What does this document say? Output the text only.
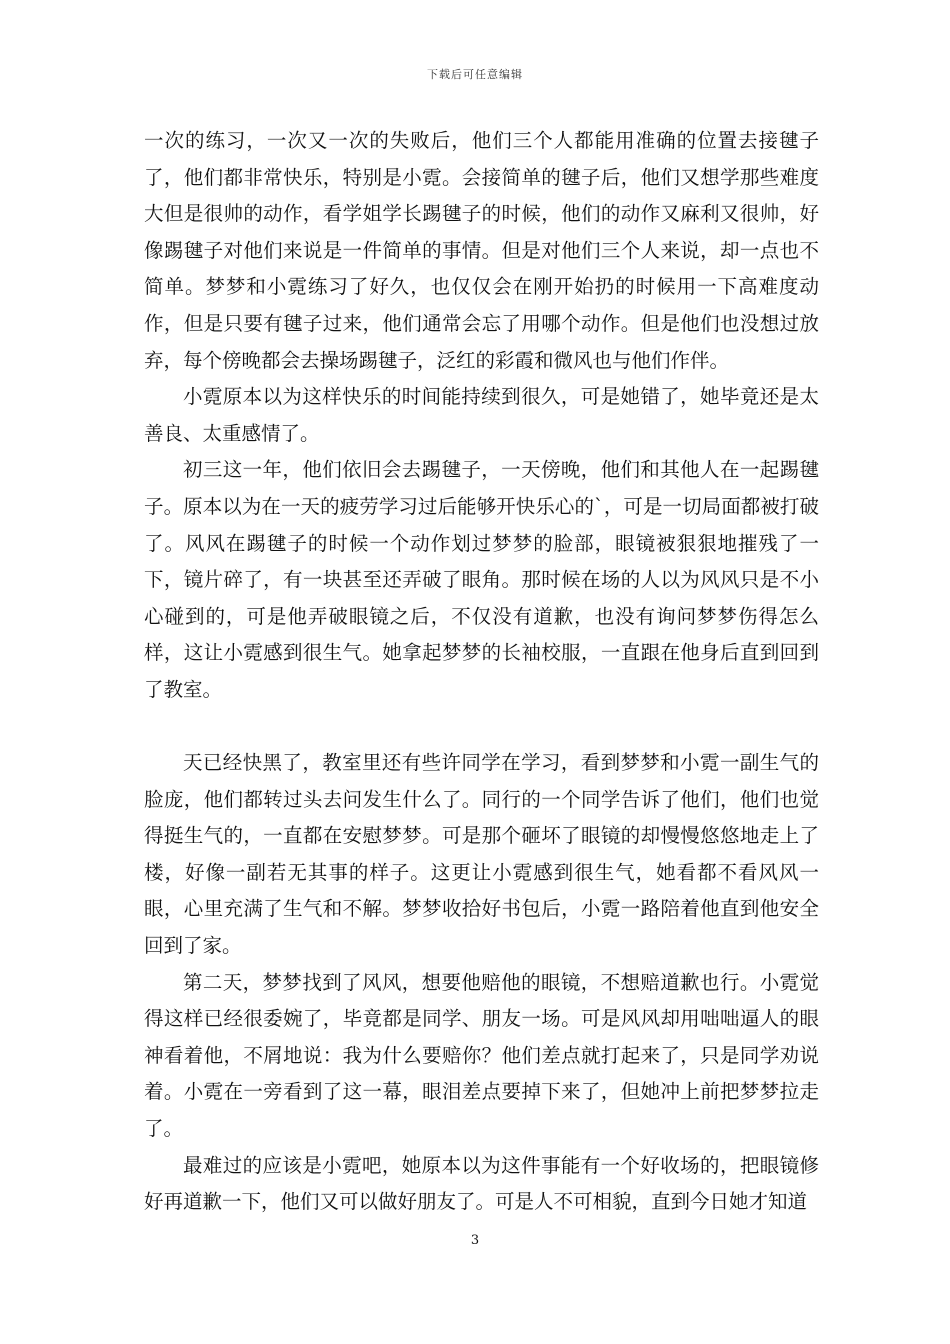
下载后可任意编辑

一次的练习，一次又一次的失败后，他们三个人都能用准确的位置去接毽子了，他们都非常快乐，特别是小霓。会接简单的毽子后，他们又想学那些难度大但是很帅的动作，看学姐学长踢毽子的时候，他们的动作又麻利又很帅，好像踢毽子对他们来说是一件简单的事情。但是对他们三个人来说，却一点也不简单。梦梦和小霓练习了好久，也仅仅会在刚开始扔的时候用一下高难度动作，但是只要有毽子过来，他们通常会忘了用哪个动作。但是他们也没想过放弃，每个傍晚都会去操场踢毽子，泛红的彩霞和微风也与他们作伴。

小霓原本以为这样快乐的时间能持续到很久，可是她错了，她毕竟还是太善良、太重感情了。

初三这一年，他们依旧会去踢毽子，一天傍晚，他们和其他人在一起踢毽子。原本以为在一天的疲劳学习过后能够开快乐心的`，可是一切局面都被打破了。风风在踢毽子的时候一个动作划过梦梦的脸部，眼镜被狠狠地摧残了一下，镜片碎了，有一块甚至还弄破了眼角。那时候在场的人以为风风只是不小心碰到的，可是他弄破眼镜之后，不仅没有道歉，也没有询问梦梦伤得怎么样，这让小霓感到很生气。她拿起梦梦的长袖校服，一直跟在他身后直到回到了教室。

天已经快黑了，教室里还有些许同学在学习，看到梦梦和小霓一副生气的脸庞，他们都转过头去问发生什么了。同行的一个同学告诉了他们，他们也觉得挺生气的，一直都在安慰梦梦。可是那个砸坏了眼镜的却慢慢悠悠地走上了楼，好像一副若无其事的样子。这更让小霓感到很生气，她看都不看风风一眼，心里充满了生气和不解。梦梦收拾好书包后，小霓一路陪着他直到他安全回到了家。

第二天，梦梦找到了风风，想要他赔他的眼镜，不想赔道歉也行。小霓觉得这样已经很委婉了，毕竟都是同学、朋友一场。可是风风却用咄咄逼人的眼神看着他，不屑地说：我为什么要赔你？他们差点就打起来了，只是同学劝说着。小霓在一旁看到了这一幕，眼泪差点要掉下来了，但她冲上前把梦梦拉走了。

最难过的应该是小霓吧，她原本以为这件事能有一个好收场的，把眼镜修好再道歉一下，他们又可以做好朋友了。可是人不可相貌，直到今日她才知道

3
